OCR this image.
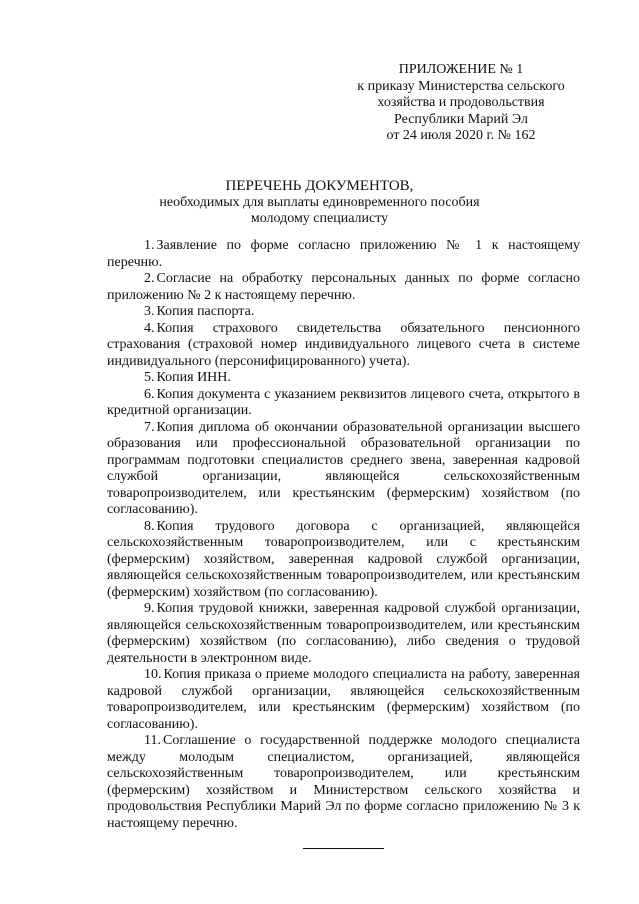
ПРИЛОЖЕНИЕ № 1
к приказу Министерства сельского
хозяйства и продовольствия
Республики Марий Эл
от 24 июля 2020 г. № 162
ПЕРЕЧЕНЬ ДОКУМЕНТОВ,
необходимых для выплаты единовременного пособия
молодому специалисту

1. Заявление по форме согласно приложению № 1 к настоящему перечню.

2. Согласие на обработку персональных данных по форме согласно приложению № 2 к настоящему перечню.

3. Копия паспорта.

4. Копия страхового свидетельства обязательного пенсионного страхования (страховой номер индивидуального лицевого счета в системе индивидуального (персонифицированного) учета).

5. Копия ИНН.

6. Копия документа с указанием реквизитов лицевого счета, открытого в кредитной организации.

7. Копия диплома об окончании образовательной организации высшего образования или профессиональной образовательной организации по программам подготовки специалистов среднего звена, заверенная кадровой службой организации, являющейся сельскохозяйственным товаропроизводителем, или крестьянским (фермерским) хозяйством (по согласованию).

8. Копия трудового договора с организацией, являющейся сельскохозяйственным товаропроизводителем, или с крестьянским (фермерским) хозяйством, заверенная кадровой службой организации, являющейся сельскохозяйственным товаропроизводителем, или крестьянским (фермерским) хозяйством (по согласованию).

9. Копия трудовой книжки, заверенная кадровой службой организации, являющейся сельскохозяйственным товаропроизводителем, или крестьянским (фермерским) хозяйством (по согласованию), либо сведения о трудовой деятельности в электронном виде.

10. Копия приказа о приеме молодого специалиста на работу, заверенная кадровой службой организации, являющейся сельскохозяйственным товаропроизводителем, или крестьянским (фермерским) хозяйством (по согласованию).

11. Соглашение о государственной поддержке молодого специалиста между молодым специалистом, организацией, являющейся сельскохозяйственным товаропроизводителем, или крестьянским (фермерским) хозяйством и Министерством сельского хозяйства и продовольствия Республики Марий Эл по форме согласно приложению № 3 к настоящему перечню.
